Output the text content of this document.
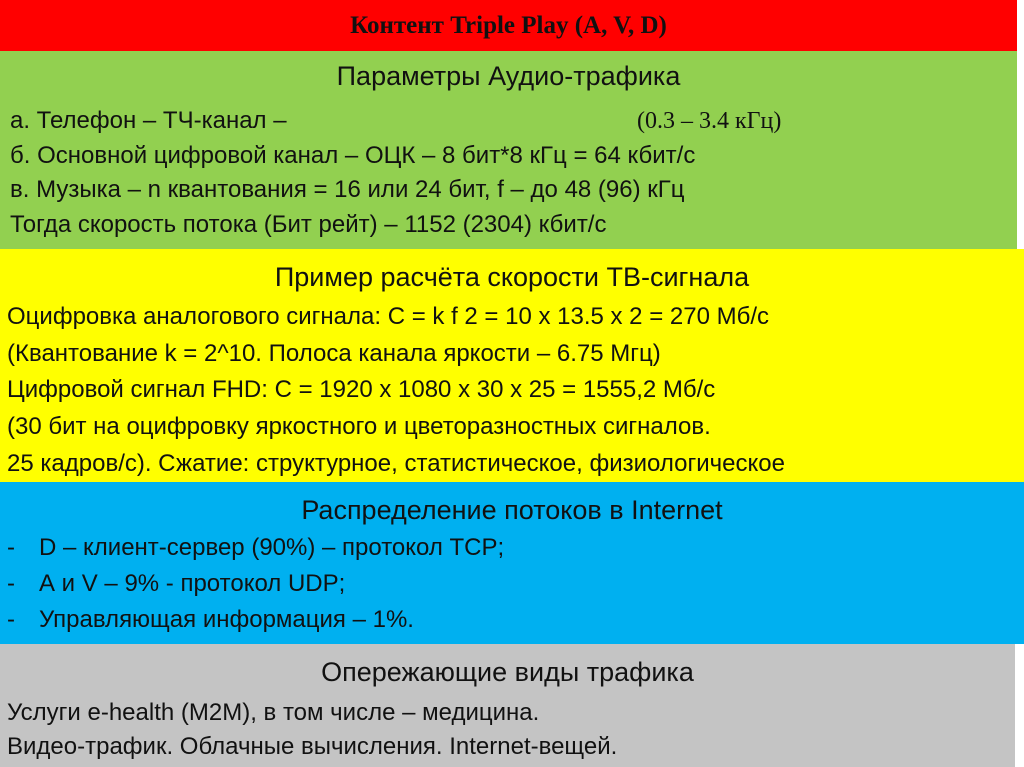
Контент Triple Play (A, V, D)
Параметры Аудио-трафика
а. Телефон – ТЧ-канал –	(0.3 – 3.4 кГц)
б. Основной цифровой канал – ОЦК – 8 бит*8 кГц = 64 кбит/с
в. Музыка – n квантования = 16 или 24 бит, f – до 48 (96) кГц
Тогда скорость потока (Бит рейт) – 1152 (2304) кбит/с
Пример расчёта скорости ТВ-сигнала
Оцифровка аналогового сигнала: С = k f 2 = 10 x 13.5 x 2 = 270 Мб/с
(Квантование k = 2^10. Полоса канала яркости – 6.75 Мгц)
Цифровой сигнал FHD: С = 1920 x 1080 x 30 x 25 = 1555,2 Мб/с
(30 бит на оцифровку яркостного и цветоразностных сигналов.
25 кадров/с). Сжатие: структурное, статистическое, физиологическое
Распределение потоков в Internet
- D – клиент-сервер (90%) – протокол TCP;
- А и V – 9% - протокол UDP;
- Управляющая информация – 1%.
Опережающие виды трафика
Услуги e-health (M2M), в том числе – медицина.
Видео-трафик. Облачные вычисления. Internet-вещей.
